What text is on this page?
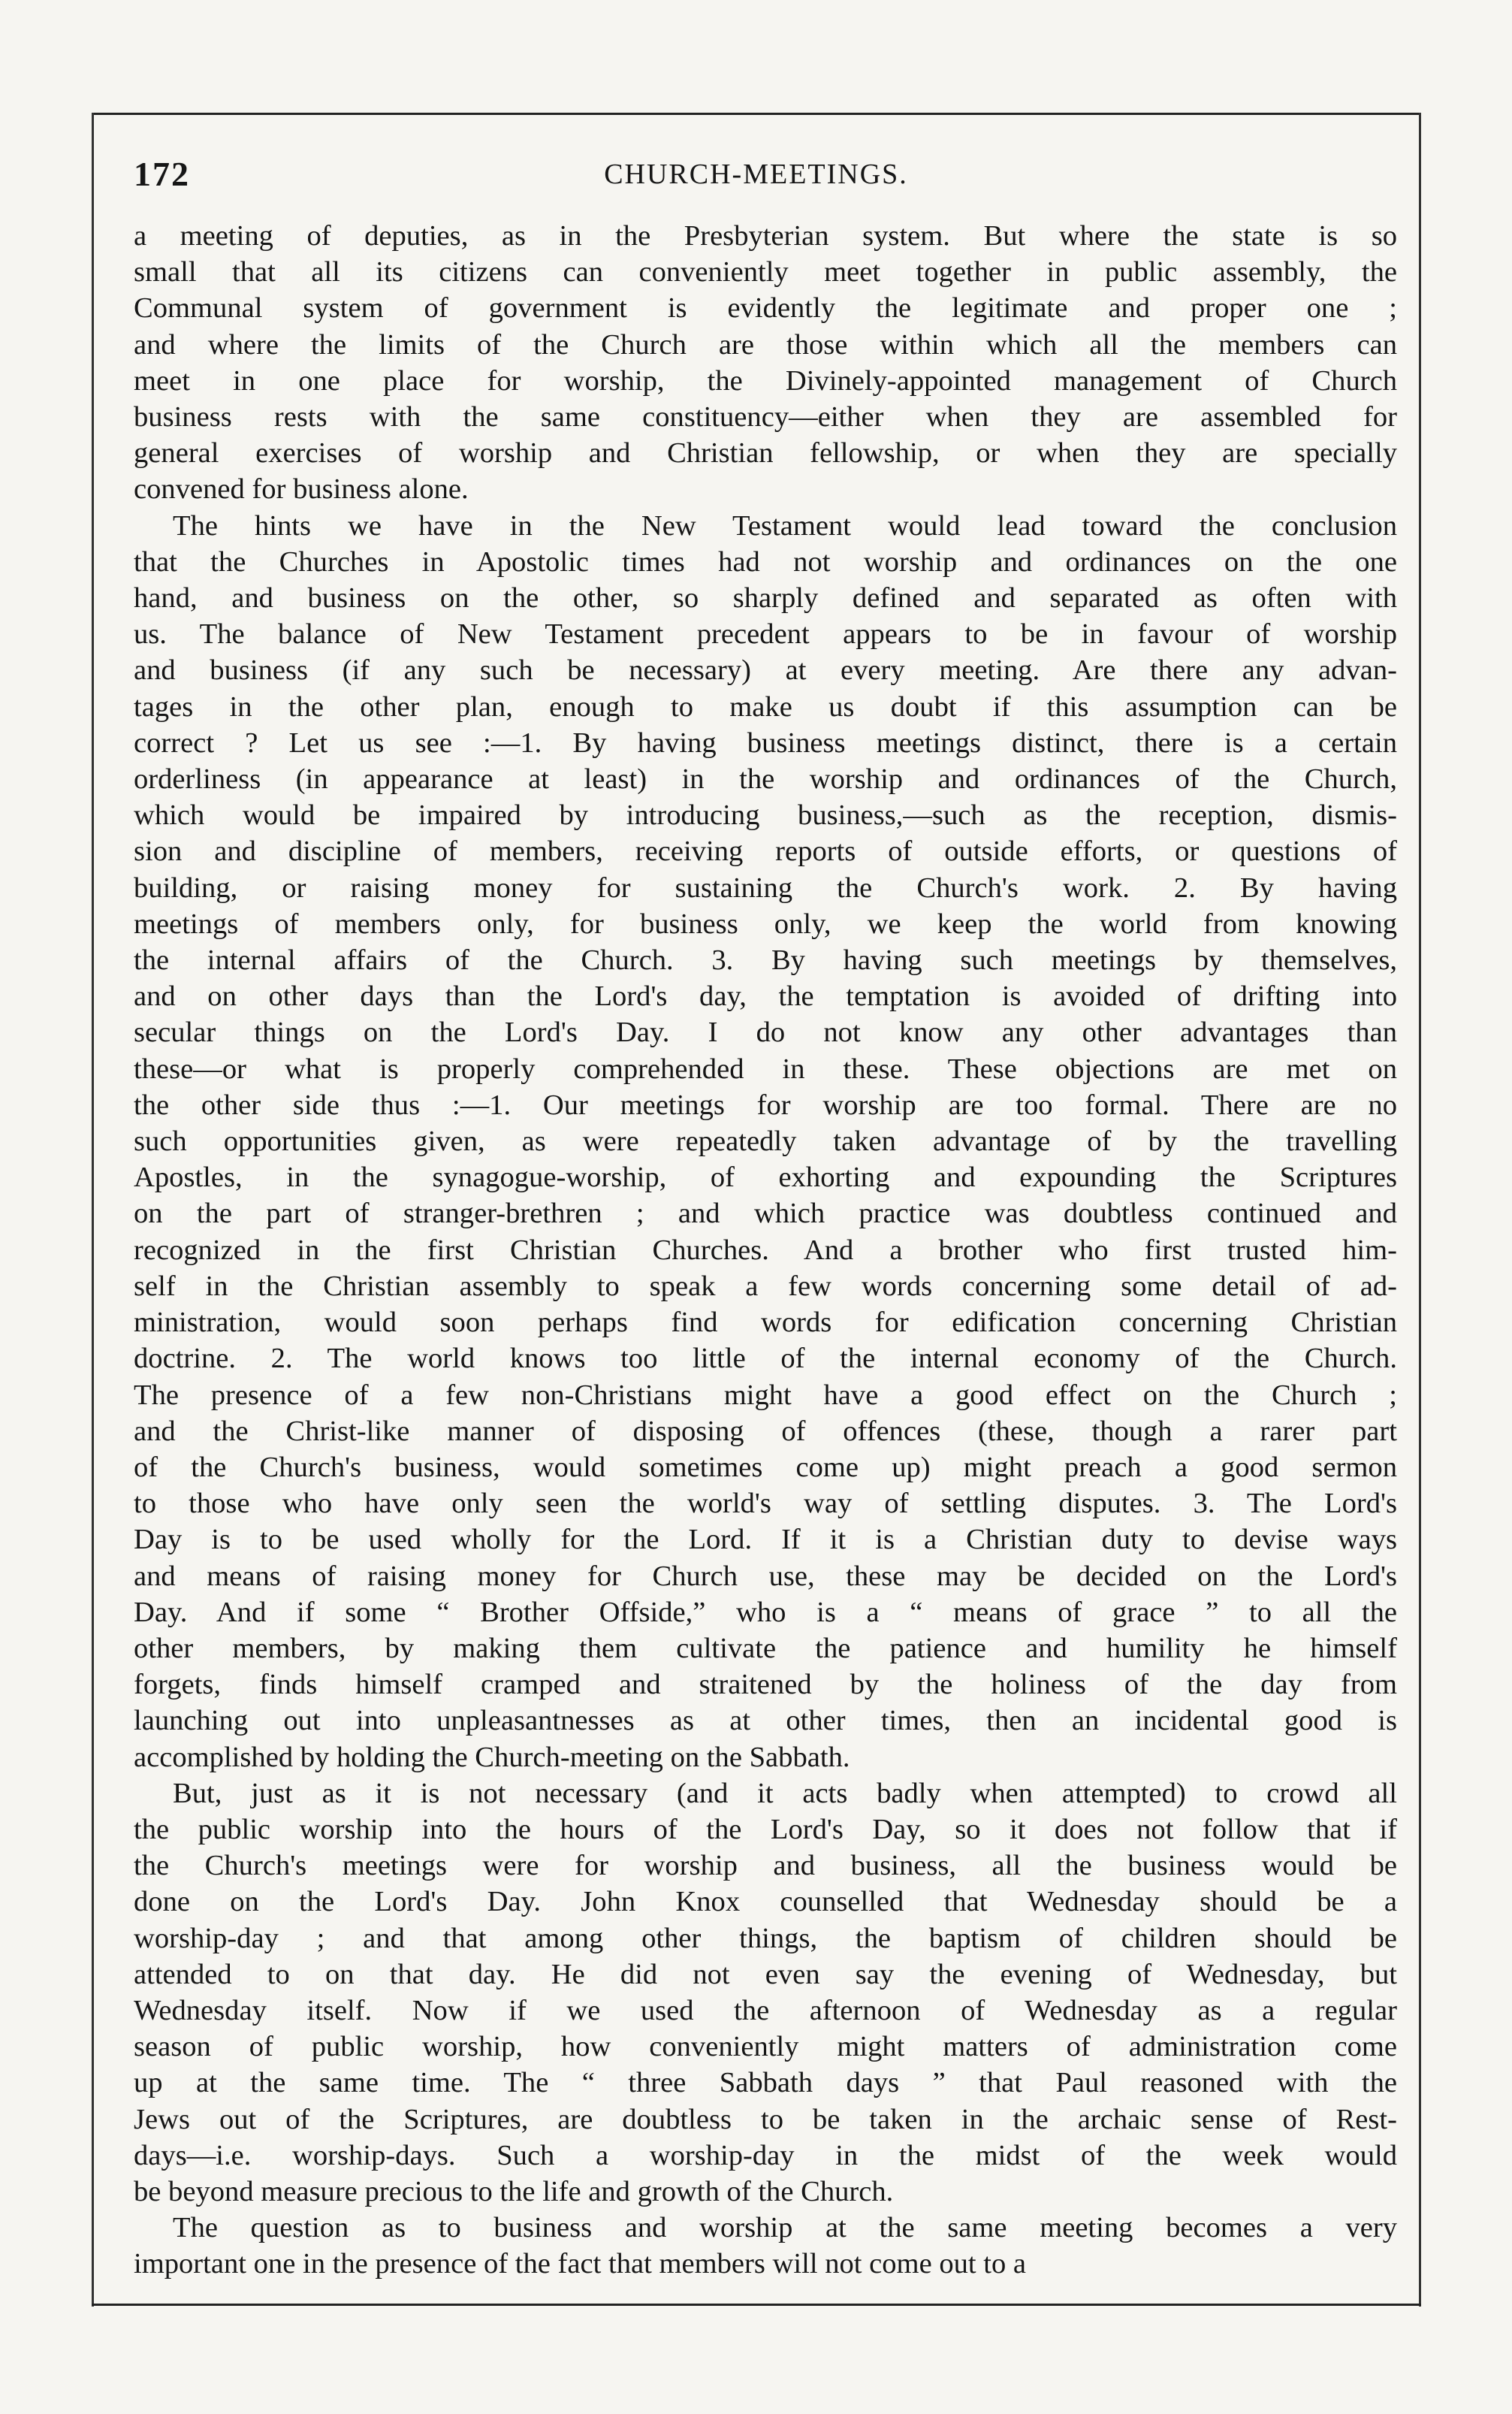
172	CHURCH-MEETINGS.
a meeting of deputies, as in the Presbyterian system. But where the state is so
small that all its citizens can conveniently meet together in public assembly, the
Communal system of government is evidently the legitimate and proper one ;
and where the limits of the Church are those within which all the members can
meet in one place for worship, the Divinely-appointed management of Church
business rests with the same constituency—either when they are assembled for
general exercises of worship and Christian fellowship, or when they are specially
convened for business alone.
The hints we have in the New Testament would lead toward the conclusion
that the Churches in Apostolic times had not worship and ordinances on the one
hand, and business on the other, so sharply defined and separated as often with
us. The balance of New Testament precedent appears to be in favour of worship
and business (if any such be necessary) at every meeting. Are there any advan-
tages in the other plan, enough to make us doubt if this assumption can be
correct ? Let us see :—1. By having business meetings distinct, there is a certain
orderliness (in appearance at least) in the worship and ordinances of the Church,
which would be impaired by introducing business,—such as the reception, dismis-
sion and discipline of members, receiving reports of outside efforts, or questions of
building, or raising money for sustaining the Church's work. 2. By having
meetings of members only, for business only, we keep the world from knowing
the internal affairs of the Church. 3. By having such meetings by themselves,
and on other days than the Lord's day, the temptation is avoided of drifting into
secular things on the Lord's Day. I do not know any other advantages than
these—or what is properly comprehended in these. These objections are met on
the other side thus :—1. Our meetings for worship are too formal. There are no
such opportunities given, as were repeatedly taken advantage of by the travelling
Apostles, in the synagogue-worship, of exhorting and expounding the Scriptures
on the part of stranger-brethren ; and which practice was doubtless continued and
recognized in the first Christian Churches. And a brother who first trusted him-
self in the Christian assembly to speak a few words concerning some detail of ad-
ministration, would soon perhaps find words for edification concerning Christian
doctrine. 2. The world knows too little of the internal economy of the Church.
The presence of a few non-Christians might have a good effect on the Church ;
and the Christ-like manner of disposing of offences (these, though a rarer part
of the Church's business, would sometimes come up) might preach a good sermon
to those who have only seen the world's way of settling disputes. 3. The Lord's
Day is to be used wholly for the Lord. If it is a Christian duty to devise ways
and means of raising money for Church use, these may be decided on the Lord's
Day. And if some “ Brother Offside,” who is a “ means of grace ” to all the
other members, by making them cultivate the patience and humility he himself
forgets, finds himself cramped and straitened by the holiness of the day from
launching out into unpleasantnesses as at other times, then an incidental good is
accomplished by holding the Church-meeting on the Sabbath.
But, just as it is not necessary (and it acts badly when attempted) to crowd all
the public worship into the hours of the Lord's Day, so it does not follow that if
the Church's meetings were for worship and business, all the business would be
done on the Lord's Day. John Knox counselled that Wednesday should be a
worship-day ; and that among other things, the baptism of children should be
attended to on that day. He did not even say the evening of Wednesday, but
Wednesday itself. Now if we used the afternoon of Wednesday as a regular
season of public worship, how conveniently might matters of administration come
up at the same time. The “ three Sabbath days ” that Paul reasoned with the
Jews out of the Scriptures, are doubtless to be taken in the archaic sense of Rest-
days—i.e. worship-days. Such a worship-day in the midst of the week would
be beyond measure precious to the life and growth of the Church.
The question as to business and worship at the same meeting becomes a very
important one in the presence of the fact that members will not come out to a
